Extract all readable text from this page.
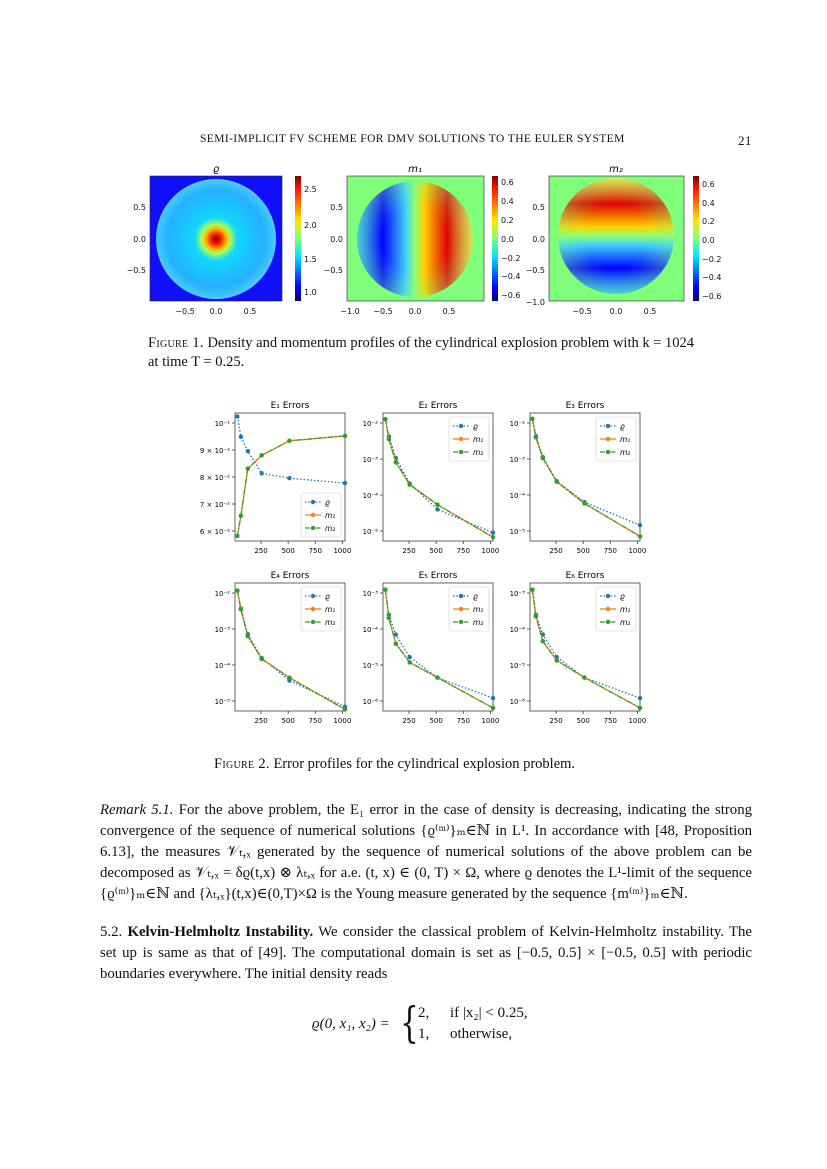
SEMI-IMPLICIT FV SCHEME FOR DMV SOLUTIONS TO THE EULER SYSTEM	21
ϱ	m₁	m₂
−0.5 0.0	0.5
0.5
0.0
−0.5
2.5
2.0
1.5
1.0
−1.0 −0.5 0.0	0.5
0.5
0.0
−0.5
0.6
0.4
0.2
0.0
−0.2
−0.4
−0.6
−0.5 0.0	0.5
0.5
0.0
−0.5
−1.0
0.6
0.4
0.2
0.0
−0.2
−0.4
−0.6
Figure 1. Density and momentum profiles of the cylindrical explosion problem with k = 1024 at time T = 0.25.
E₁ Errors
250 500 750 1000
10⁻¹
9 × 10⁻²
8 × 10⁻²
7 × 10⁻²
6 × 10⁻²
ϱ
m₁
m₂
E₂ Errors
250 500 750 1000
10⁻²
10⁻³
10⁻⁴
10⁻⁵
ϱ
m₁
m₂
E₃ Errors
250 500 750 1000
10⁻²
10⁻³
10⁻⁴
10⁻⁵
ϱ
m₁
m₂
E₄ Errors
250 500 750 1000
10⁻²
10⁻³
10⁻⁴
10⁻⁵
ϱ
m₁
m₂
E₅ Errors
250 500 750 1000
10⁻³
10⁻⁴
10⁻⁵
10⁻⁶
ϱ
m₁
m₂
E₆ Errors
250 500 750 1000
10⁻³
10⁻⁴
10⁻⁵
10⁻⁶
ϱ
m₁
m₂
Figure 2. Error profiles for the cylindrical explosion problem.

Remark 5.1. For the above problem, the E₁ error in the case of density is decreasing, indicating the strong convergence of the sequence of numerical solutions {ϱ⁽ᵐ⁾}ₘ∈ℕ in L¹. In accordance with [48, Proposition 6.13], the measures 𝒱ₜ,ₓ generated by the sequence of numerical solutions of the above problem can be decomposed as 𝒱ₜ,ₓ = δϱ(t,x) ⊗ λₜ,ₓ for a.e. (t, x) ∈ (0, T) × Ω, where ϱ denotes the L¹-limit of the sequence {ϱ⁽ᵐ⁾}ₘ∈ℕ and {λₜ,ₓ}(t,x)∈(0,T)×Ω is the Young measure generated by the sequence {m⁽ᵐ⁾}ₘ∈ℕ.

5.2. Kelvin-Helmholtz Instability. We consider the classical problem of Kelvin-Helmholtz instability. The set up is same as that of [49]. The computational domain is set as [−0.5, 0.5] × [−0.5, 0.5] with periodic boundaries everywhere. The initial density reads

ϱ(0, x₁, x₂) = { 2, if |x₂| < 0.25,
1, otherwise,
